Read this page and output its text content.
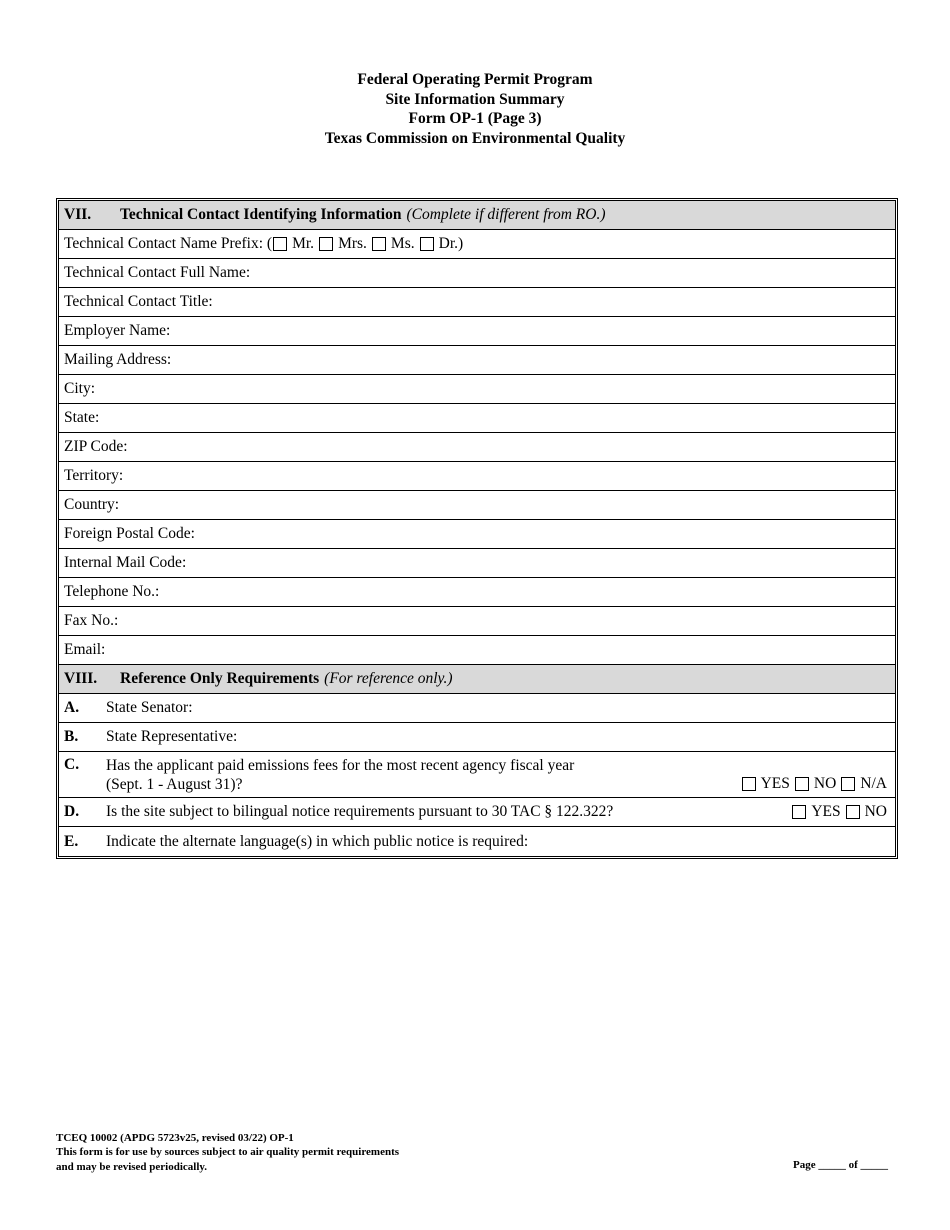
Federal Operating Permit Program
Site Information Summary
Form OP-1 (Page 3)
Texas Commission on Environmental Quality
VII.	Technical Contact Identifying Information (Complete if different from RO.)
Technical Contact Name Prefix: ( Mr. Mrs. Ms. Dr.)
Technical Contact Full Name:
Technical Contact Title:
Employer Name:
Mailing Address:
City:
State:
ZIP Code:
Territory:
Country:
Foreign Postal Code:
Internal Mail Code:
Telephone No.:
Fax No.:
Email:
VIII.	Reference Only Requirements (For reference only.)
A.	State Senator:
B.	State Representative:
C.	Has the applicant paid emissions fees for the most recent agency fiscal year
(Sept. 1 - August 31)?	YES NO N/A
D.	Is the site subject to bilingual notice requirements pursuant to 30 TAC § 122.322?	YES NO
E.	Indicate the alternate language(s) in which public notice is required:
TCEQ 10002 (APDG 5723v25, revised 03/22) OP-1
This form is for use by sources subject to air quality permit requirements
and may be revised periodically.	Page _____ of _____
